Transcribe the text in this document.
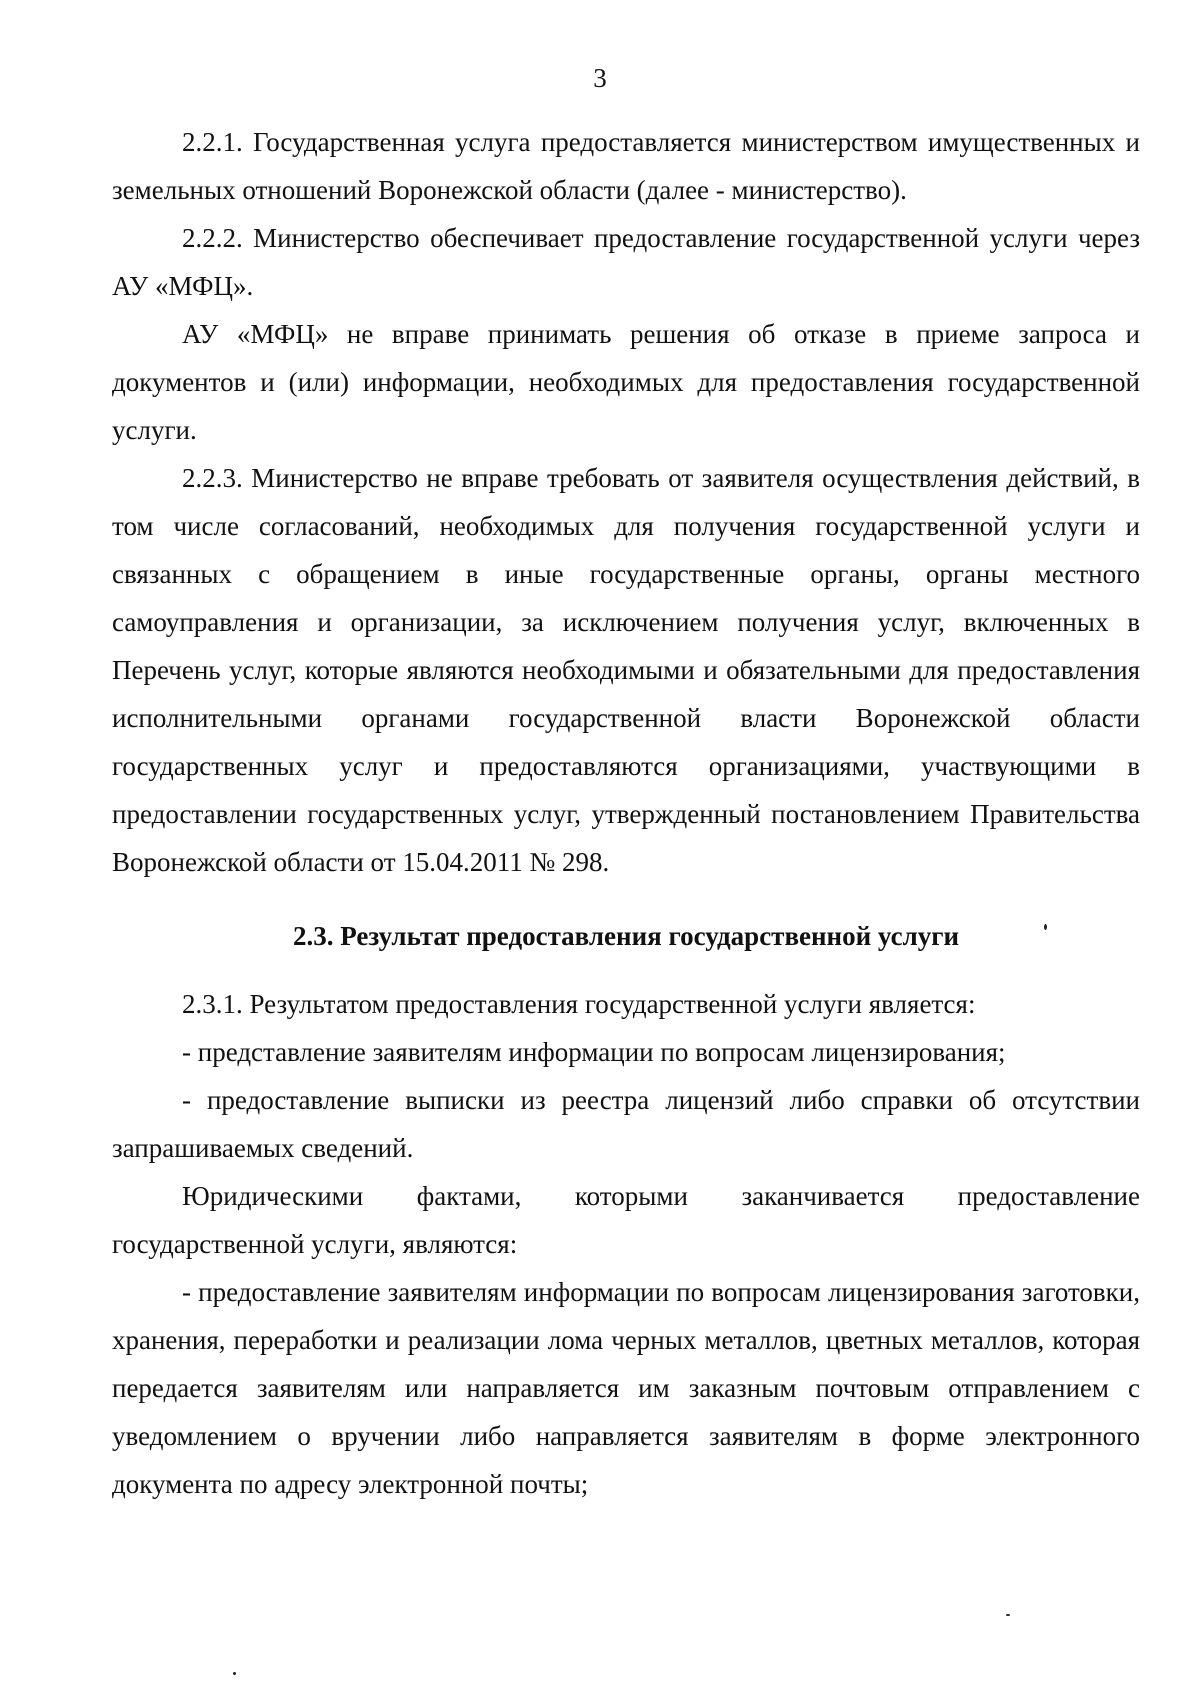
3

2.2.1. Государственная услуга предоставляется министерством имущественных и земельных отношений Воронежской области (далее - министерство).

2.2.2. Министерство обеспечивает предоставление государственной услуги через АУ «МФЦ».

АУ «МФЦ» не вправе принимать решения об отказе в приеме запроса и документов и (или) информации, необходимых для предоставления государственной услуги.

2.2.3. Министерство не вправе требовать от заявителя осуществления действий, в том числе согласований, необходимых для получения государственной услуги и связанных с обращением в иные государственные органы, органы местного самоуправления и организации, за исключением получения услуг, включенных в Перечень услуг, которые являются необходимыми и обязательными для предоставления исполнительными органами государственной власти Воронежской области государственных услуг и предоставляются организациями, участвующими в предоставлении государственных услуг, утвержденный постановлением Правительства Воронежской области от 15.04.2011 № 298.

2.3. Результат предоставления государственной услуги

2.3.1. Результатом предоставления государственной услуги является:

- представление заявителям информации по вопросам лицензирования;

- предоставление выписки из реестра лицензий либо справки об отсутствии запрашиваемых сведений.

Юридическими фактами, которыми заканчивается предоставление государственной услуги, являются:

- предоставление заявителям информации по вопросам лицензирования заготовки, хранения, переработки и реализации лома черных металлов, цветных металлов, которая передается заявителям или направляется им заказным почтовым отправлением с уведомлением о вручении либо направляется заявителям в форме электронного документа по адресу электронной почты;
